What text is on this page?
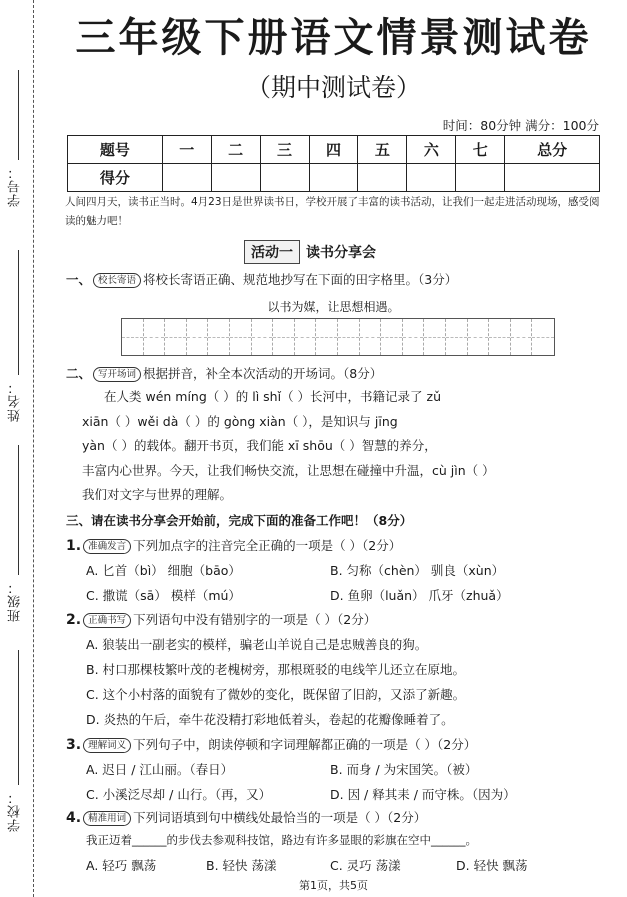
学号：
姓名：
班级：
学校：
三年级下册语文情景测试卷
（期中测试卷）
时间：80分钟 满分：100分
题号	一	二	三	四	五	六	七	总分
得分								
人间四月天，读书正当时。4月23日是世界读书日，学校开展了丰富的读书活动，让我们一起走进活动现场，感受阅读的魅力吧！
活动一 读书分享会
一、 校长寄语 将校长寄语正确、规范地抄写在下面的田字格里。（3分）
以书为媒，让思想相遇。
二、 写开场词 根据拼音，补全本次活动的开场词。（8分）
在人类 wén míng（ ）的 lì shǐ（ ）长河中，书籍记录了 zǔ
xiān（ ）wěi dà（ ）的 gòng xiàn（ ），是知识与 jīng
yàn（ ）的载体。翻开书页，我们能 xī shōu（ ）智慧的养分，
丰富内心世界。今天，让我们畅快交流，让思想在碰撞中升温，cù jìn（ ）
我们对文字与世界的理解。
三、请在读书分享会开始前，完成下面的准备工作吧！（8分）
1. 准确发言 下列加点字的注音完全正确的一项是（ ）（2分）
A. 匕首（bì） 细胞（bāo）	B. 匀称（chèn） 驯良（xùn）
C. 撒谎（sā） 模样（mú）	D. 鱼卵（luǎn） 爪牙（zhuǎ）
2. 正确书写 下列语句中没有错别字的一项是（ ）（2分）
A. 狼装出一副老实的模样，骗老山羊说自己是忠贼善良的狗。
B. 村口那棵枝繁叶茂的老槐树旁，那根斑驳的电线竿儿还立在原地。
C. 这个小村落的面貌有了微妙的变化，既保留了旧韵，又添了新趣。
D. 炎热的午后，牵牛花没精打彩地低着头，卷起的花瓣像睡着了。
3. 理解词义 下列句子中，朗读停顿和字词理解都正确的一项是（ ）（2分）
A. 迟日 / 江山丽。（春日）	B. 而身 / 为宋国笑。（被）
C. 小溪泛尽却 / 山行。（再，又）	D. 因 / 释其耒 / 而守株。（因为）
4. 精准用词 下列词语填到句中横线处最恰当的一项是（ ）（2分）
我正迈着______的步伐去参观科技馆，路边有许多显眼的彩旗在空中______。
A. 轻巧 飘荡	B. 轻快 荡漾	C. 灵巧 荡漾	D. 轻快 飘荡
第1页，共5页
